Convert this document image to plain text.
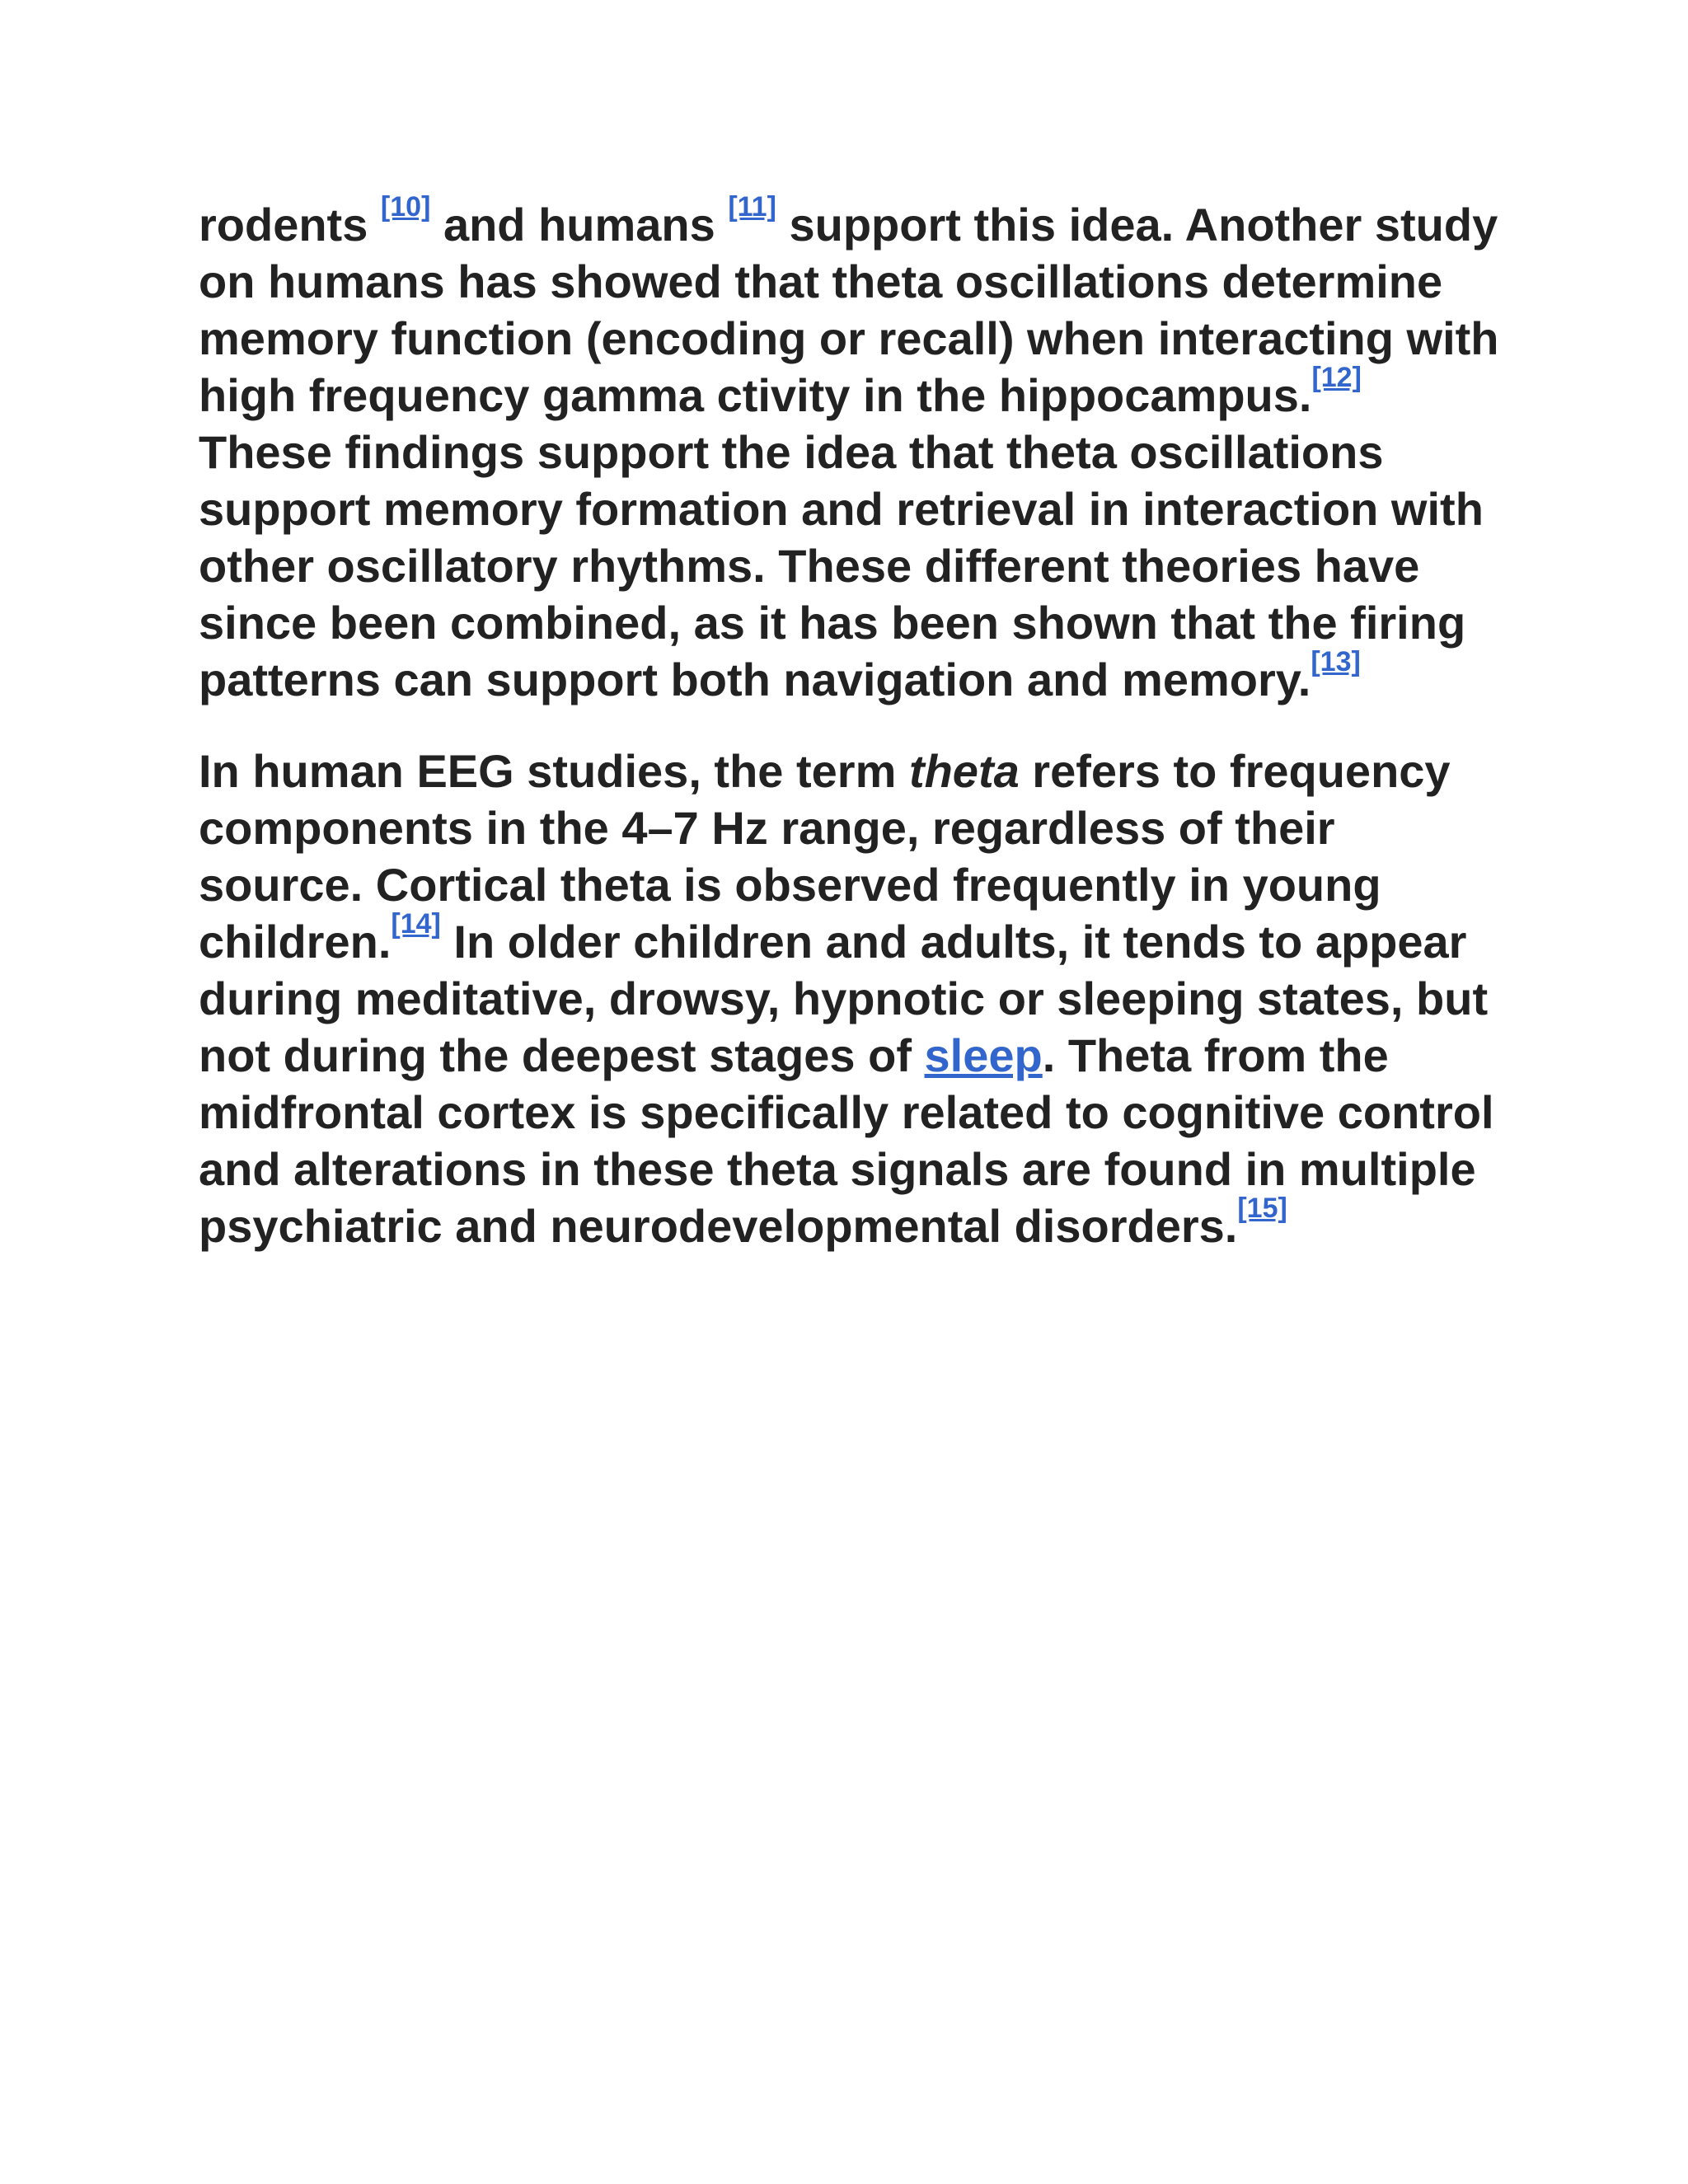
rodents [10] and humans [11] support this idea. Another study on humans has showed that theta oscillations determine memory function (encoding or recall) when interacting with high frequency gamma ctivity in the hippocampus.[12] These findings support the idea that theta oscillations support memory formation and retrieval in interaction with other oscillatory rhythms. These different theories have since been combined, as it has been shown that the firing patterns can support both navigation and memory.[13]

In human EEG studies, the term theta refers to frequency components in the 4–7 Hz range, regardless of their source. Cortical theta is observed frequently in young children.[14] In older children and adults, it tends to appear during meditative, drowsy, hypnotic or sleeping states, but not during the deepest stages of sleep. Theta from the midfrontal cortex is specifically related to cognitive control and alterations in these theta signals are found in multiple psychiatric and neurodevelopmental disorders.[15]
